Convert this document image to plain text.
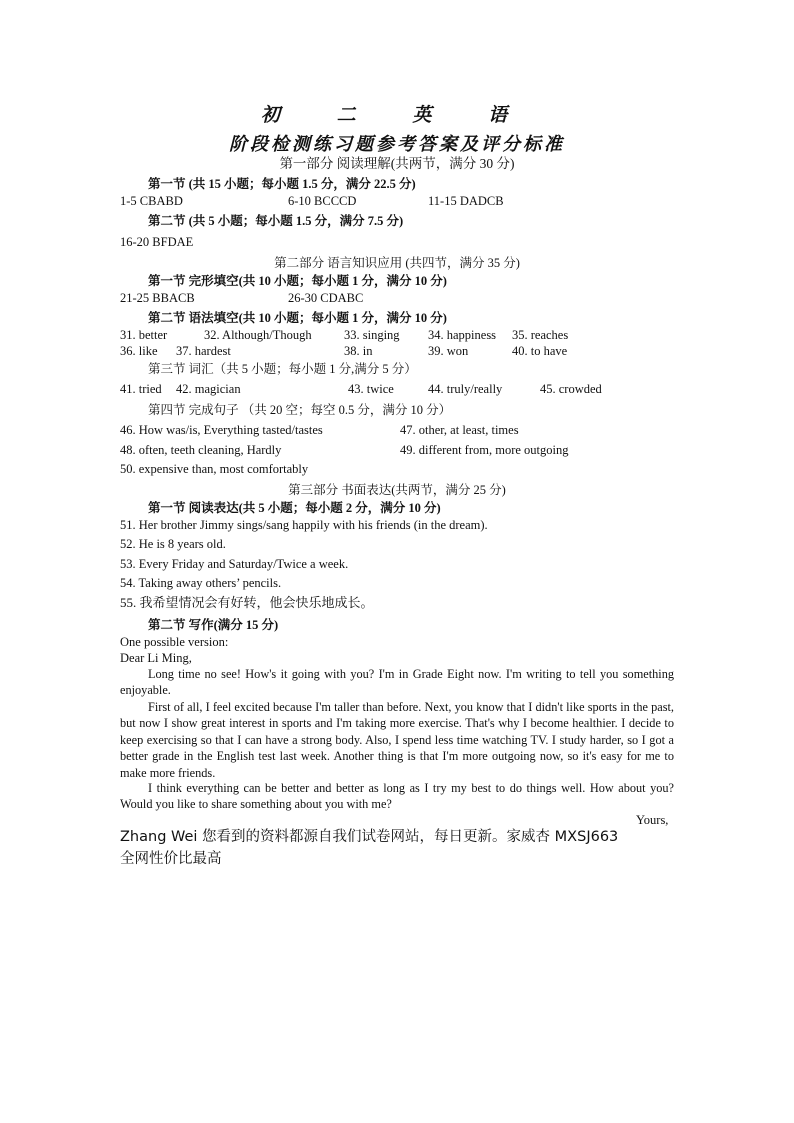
初 二 英 语
阶段检测练习题参考答案及评分标准
第一部分 阅读理解(共两节，满分 30 分)
第一节 (共 15 小题；每小题 1.5 分，满分 22.5 分)
1-5 CBABD	6-10 BCCCD	11-15 DADCB
第二节 (共 5 小题；每小题 1.5 分，满分 7.5 分)
16-20 BFDAE
第二部分 语言知识应用 (共四节，满分 35 分)
第一节 完形填空(共 10 小题；每小题 1 分，满分 10 分)
21-25 BBACB	26-30 CDABC
第二节 语法填空(共 10 小题；每小题 1 分，满分 10 分)
31. better	32. Although/Though	33. singing 34. happiness 35. reaches
36. like 37. hardest	38. in	39. won	40. to have
第三节 词汇（共 5 小题；每小题 1 分,满分 5 分）
41. tried 42. magician	43. twice	44. truly/really	45. crowded
第四节 完成句子 （共 20 空；每空 0.5 分，满分 10 分）
46. How was/is, Everything tasted/tastes	47. other, at least, times
48. often, teeth cleaning, Hardly	49. different from, more outgoing
50. expensive than, most comfortably
第三部分 书面表达(共两节，满分 25 分)
第一节 阅读表达(共 5 小题；每小题 2 分，满分 10 分)
51. Her brother Jimmy sings/sang happily with his friends (in the dream).
52. He is 8 years old.
53. Every Friday and Saturday/Twice a week.
54. Taking away others’ pencils.
55. 我希望情况会有好转，他会快乐地成长。
第二节 写作(满分 15 分)
One possible version:
Dear Li Ming,
Long time no see! How's it going with you? I'm in Grade Eight now. I'm writing to tell you something enjoyable.
First of all, I feel excited because I'm taller than before. Next, you know that I didn't like sports in the past, but now I show great interest in sports and I'm taking more exercise. That's why I become healthier. I decide to keep exercising so that I can have a strong body. Also, I spend less time watching TV. I study harder, so I got a better grade in the English test last week. Another thing is that I'm more outgoing now, so it's easy for me to make more friends.
I think everything can be better and better as long as I try my best to do things well. How about you? Would you like to share something about you with me?
Yours,
Zhang Wei 您看到的资料都源自我们试卷网站，每日更新。家威杏 MXSJ663
全网性价比最高
